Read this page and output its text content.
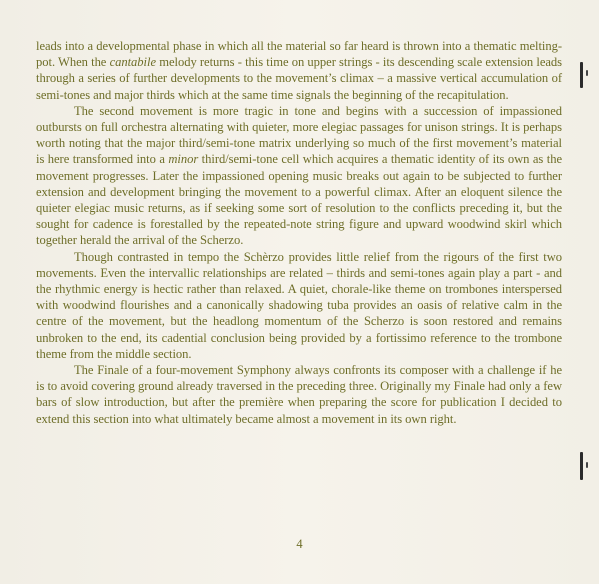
leads into a developmental phase in which all the material so far heard is thrown into a thematic melting-pot. When the cantabile melody returns - this time on upper strings - its descending scale extension leads through a series of further developments to the movement’s climax – a massive vertical accumulation of semi-tones and major thirds which at the same time signals the beginning of the recapitulation.

The second movement is more tragic in tone and begins with a succession of impassioned outbursts on full orchestra alternating with quieter, more elegiac passages for unison strings. It is perhaps worth noting that the major third/semi-tone matrix underlying so much of the first movement’s material is here transformed into a minor third/semi-tone cell which acquires a thematic identity of its own as the movement progresses. Later the impassioned opening music breaks out again to be subjected to further extension and development bringing the movement to a powerful climax. After an eloquent silence the quieter elegiac music returns, as if seeking some sort of resolution to the conflicts preceding it, but the sought for cadence is forestalled by the repeated-note string figure and upward woodwind skirl which together herald the arrival of the Scherzo.

Though contrasted in tempo the Schèrzo provides little relief from the rigours of the first two movements. Even the intervallic relationships are related – thirds and semi-tones again play a part - and the rhythmic energy is hectic rather than relaxed. A quiet, chorale-like theme on trombones interspersed with woodwind flourishes and a canonically shadowing tuba provides an oasis of relative calm in the centre of the movement, but the headlong momentum of the Scherzo is soon restored and remains unbroken to the end, its cadential conclusion being provided by a fortissimo reference to the trombone theme from the middle section.

The Finale of a four-movement Symphony always confronts its composer with a challenge if he is to avoid covering ground already traversed in the preceding three. Originally my Finale had only a few bars of slow introduction, but after the première when preparing the score for publication I decided to extend this section into what ultimately became almost a movement in its own right.

4
